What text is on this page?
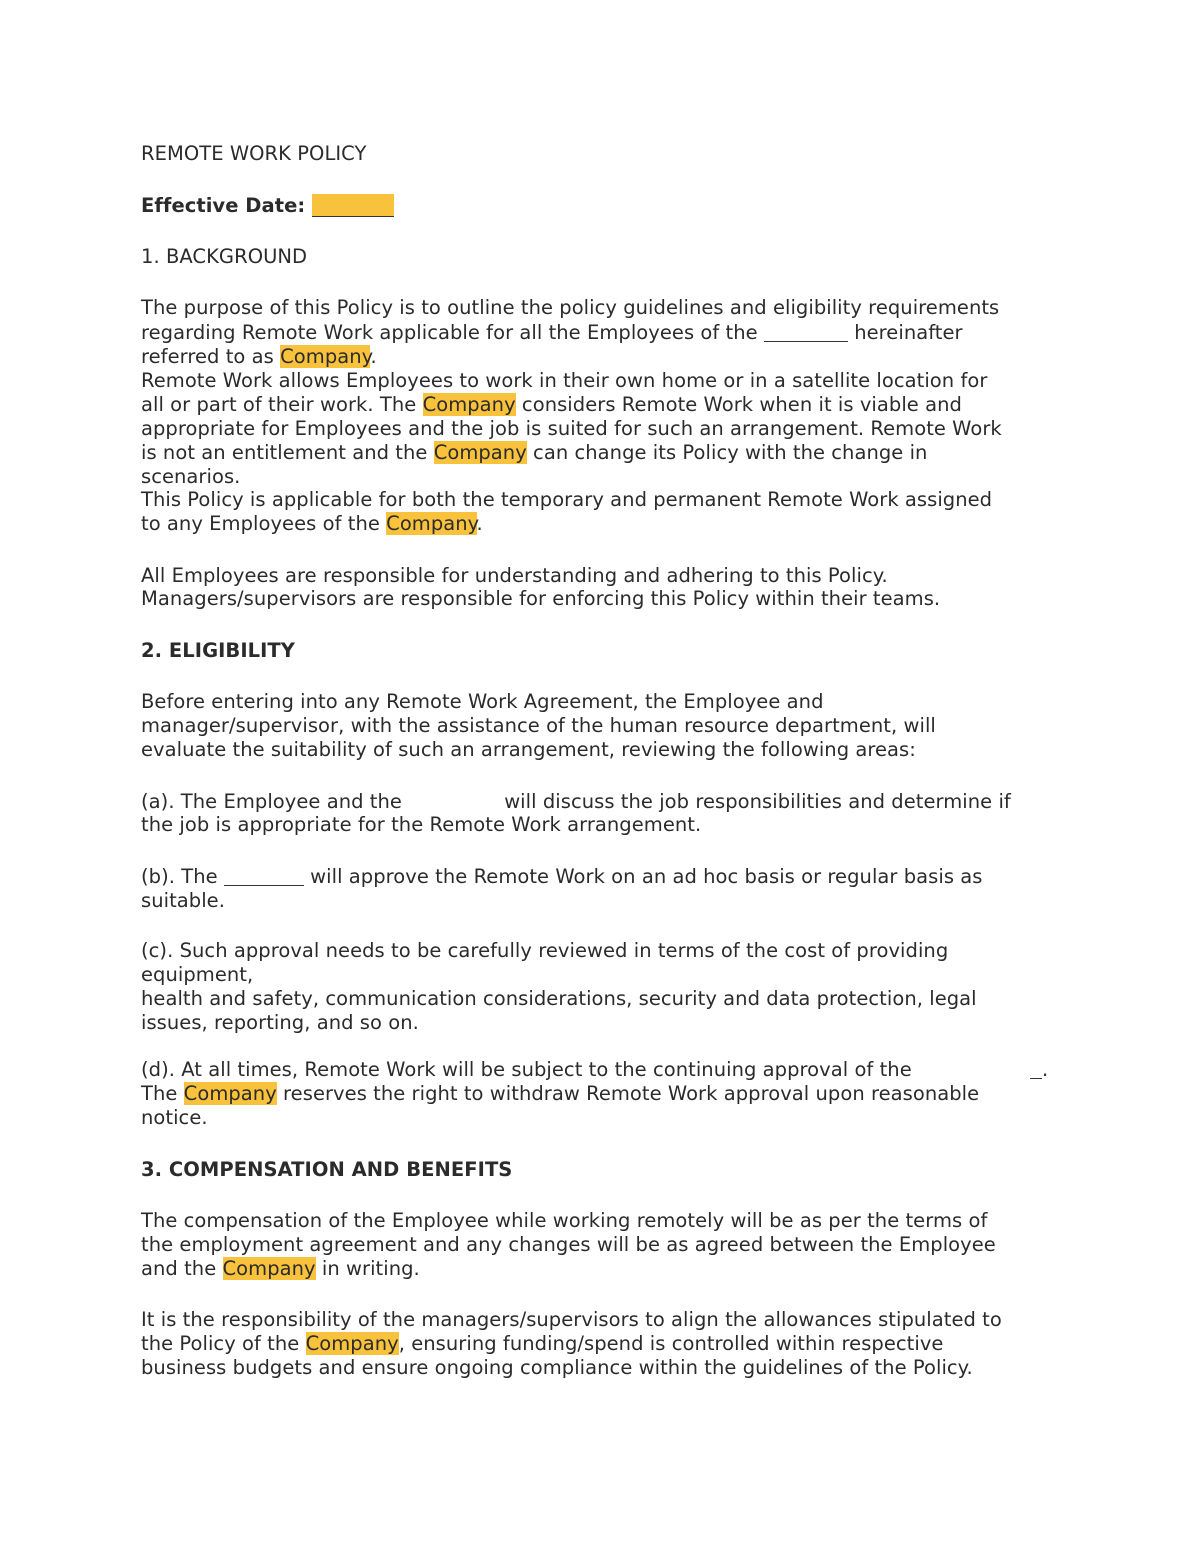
REMOTE WORK POLICY
Effective Date:
1. BACKGROUND
The purpose of this Policy is to outline the policy guidelines and eligibility requirements
regarding Remote Work applicable for all the Employees of the	hereinafter
referred to as Company.
Remote Work allows Employees to work in their own home or in a satellite location for
all or part of their work. The Company considers Remote Work when it is viable and
appropriate for Employees and the job is suited for such an arrangement. Remote Work
is not an entitlement and the Company can change its Policy with the change in
scenarios.
This Policy is applicable for both the temporary and permanent Remote Work assigned
to any Employees of the Company.
All Employees are responsible for understanding and adhering to this Policy.
Managers/supervisors are responsible for enforcing this Policy within their teams.
2. ELIGIBILITY
Before entering into any Remote Work Agreement, the Employee and
manager/supervisor, with the assistance of the human resource department, will
evaluate the suitability of such an arrangement, reviewing the following areas:
(a). The Employee and the	will discuss the job responsibilities and determine if
the job is appropriate for the Remote Work arrangement.
(b). The	will approve the Remote Work on an ad hoc basis or regular basis as
suitable.
(c). Such approval needs to be carefully reviewed in terms of the cost of providing
equipment,
health and safety, communication considerations, security and data protection, legal
issues, reporting, and so on.
(d). At all times, Remote Work will be subject to the continuing approval of the	.
The Company reserves the right to withdraw Remote Work approval upon reasonable
notice.
3. COMPENSATION AND BENEFITS
The compensation of the Employee while working remotely will be as per the terms of
the employment agreement and any changes will be as agreed between the Employee
and the Company in writing.
It is the responsibility of the managers/supervisors to align the allowances stipulated to
the Policy of the Company, ensuring funding/spend is controlled within respective
business budgets and ensure ongoing compliance within the guidelines of the Policy.
